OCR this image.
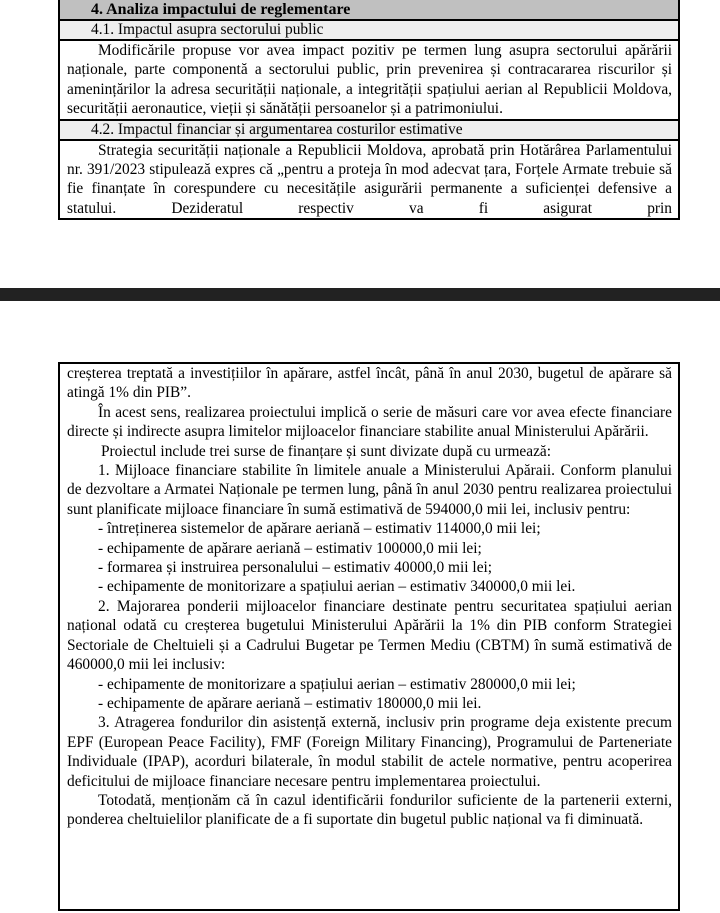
4. Analiza impactului de reglementare
4.1. Impactul asupra sectorului public

Modificările propuse vor avea impact pozitiv pe termen lung asupra sectorului apărării naționale, parte componentă a sectorului public, prin prevenirea și contracararea riscurilor și amenințărilor la adresa securității naționale, a integrității spațiului aerian al Republicii Moldova, securității aeronautice, vieții și sănătății persoanelor și a patrimoniului.

4.2. Impactul financiar și argumentarea costurilor estimative

Strategia securității naționale a Republicii Moldova, aprobată prin Hotărârea Parlamentului nr. 391/2023 stipulează expres că „pentru a proteja în mod adecvat țara, Forțele Armate trebuie să fie finanțate în corespundere cu necesitățile asigurării permanente a suficienței defensive a statului. Dezideratul respectiv va fi asigurat prin

creșterea treptată a investițiilor în apărare, astfel încât, până în anul 2030, bugetul de apărare să atingă 1% din PIB”.

În acest sens, realizarea proiectului implică o serie de măsuri care vor avea efecte financiare directe și indirecte asupra limitelor mijloacelor financiare stabilite anual Ministerului Apărării.

Proiectul include trei surse de finanțare și sunt divizate după cu urmează:

1. Mijloace financiare stabilite în limitele anuale a Ministerului Apăraii. Conform planului de dezvoltare a Armatei Naționale pe termen lung, până în anul 2030 pentru realizarea proiectului sunt planificate mijloace financiare în sumă estimativă de 594000,0 mii lei, inclusiv pentru:

- întreținerea sistemelor de apărare aeriană – estimativ 114000,0 mii lei;

- echipamente de apărare aeriană – estimativ 100000,0 mii lei;

- formarea și instruirea personalului – estimativ 40000,0 mii lei;

- echipamente de monitorizare a spațiului aerian – estimativ 340000,0 mii lei.

2. Majorarea ponderii mijloacelor financiare destinate pentru securitatea spațiului aerian național odată cu creșterea bugetului Ministerului Apărării la 1% din PIB conform Strategiei Sectoriale de Cheltuieli și a Cadrului Bugetar pe Termen Mediu (CBTM) în sumă estimativă de 460000,0 mii lei inclusiv:

- echipamente de monitorizare a spațiului aerian – estimativ 280000,0 mii lei;

- echipamente de apărare aeriană – estimativ 180000,0 mii lei.

3. Atragerea fondurilor din asistență externă, inclusiv prin programe deja existente precum EPF (European Peace Facility), FMF (Foreign Military Financing), Programului de Parteneriate Individuale (IPAP), acorduri bilaterale, în modul stabilit de actele normative, pentru acoperirea deficitului de mijloace financiare necesare pentru implementarea proiectului.

Totodată, menționăm că în cazul identificării fondurilor suficiente de la partenerii externi, ponderea cheltuielilor planificate de a fi suportate din bugetul public național va fi diminuată.
